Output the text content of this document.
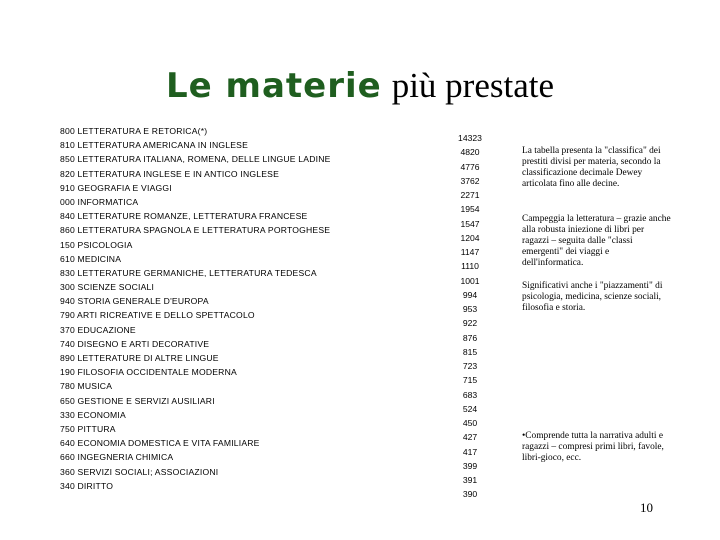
Le materie più prestate
800 LETTERATURA E RETORICA(*)
810 LETTERATURA AMERICANA IN INGLESE
850 LETTERATURA ITALIANA, ROMENA, DELLE LINGUE LADINE
820 LETTERATURA INGLESE E IN ANTICO INGLESE
910 GEOGRAFIA E VIAGGI
000 INFORMATICA
840 LETTERATURE ROMANZE, LETTERATURA FRANCESE
860 LETTERATURA SPAGNOLA E LETTERATURA PORTOGHESE
150 PSICOLOGIA
610 MEDICINA
830 LETTERATURE GERMANICHE, LETTERATURA TEDESCA
300 SCIENZE SOCIALI
940 STORIA GENERALE D'EUROPA
790 ARTI RICREATIVE E DELLO SPETTACOLO
370 EDUCAZIONE
740 DISEGNO E ARTI DECORATIVE
890 LETTERATURE DI ALTRE LINGUE
190 FILOSOFIA OCCIDENTALE MODERNA
780 MUSICA
650 GESTIONE E SERVIZI AUSILIARI
330 ECONOMIA
750 PITTURA
640 ECONOMIA DOMESTICA E VITA FAMILIARE
660 INGEGNERIA CHIMICA
360 SERVIZI SOCIALI; ASSOCIAZIONI
340 DIRITTO
14323
4820
4776
3762
2271
1954
1547
1204
1147
1110
1001
994
953
922
876
815
723
715
683
524
450
427
417
399
391
390
La tabella presenta la "classifica" dei prestiti divisi per materia, secondo la classificazione decimale Dewey articolata fino alle decine.
Campeggia la letteratura – grazie anche alla robusta iniezione di libri per ragazzi – seguita dalle "classi emergenti" dei viaggi e dell'informatica.
Significativi anche i "piazzamenti" di psicologia, medicina, scienze sociali, filosofia e storia.
•Comprende tutta la narrativa adulti e ragazzi – compresi primi libri, favole, libri-gioco, ecc.
10
